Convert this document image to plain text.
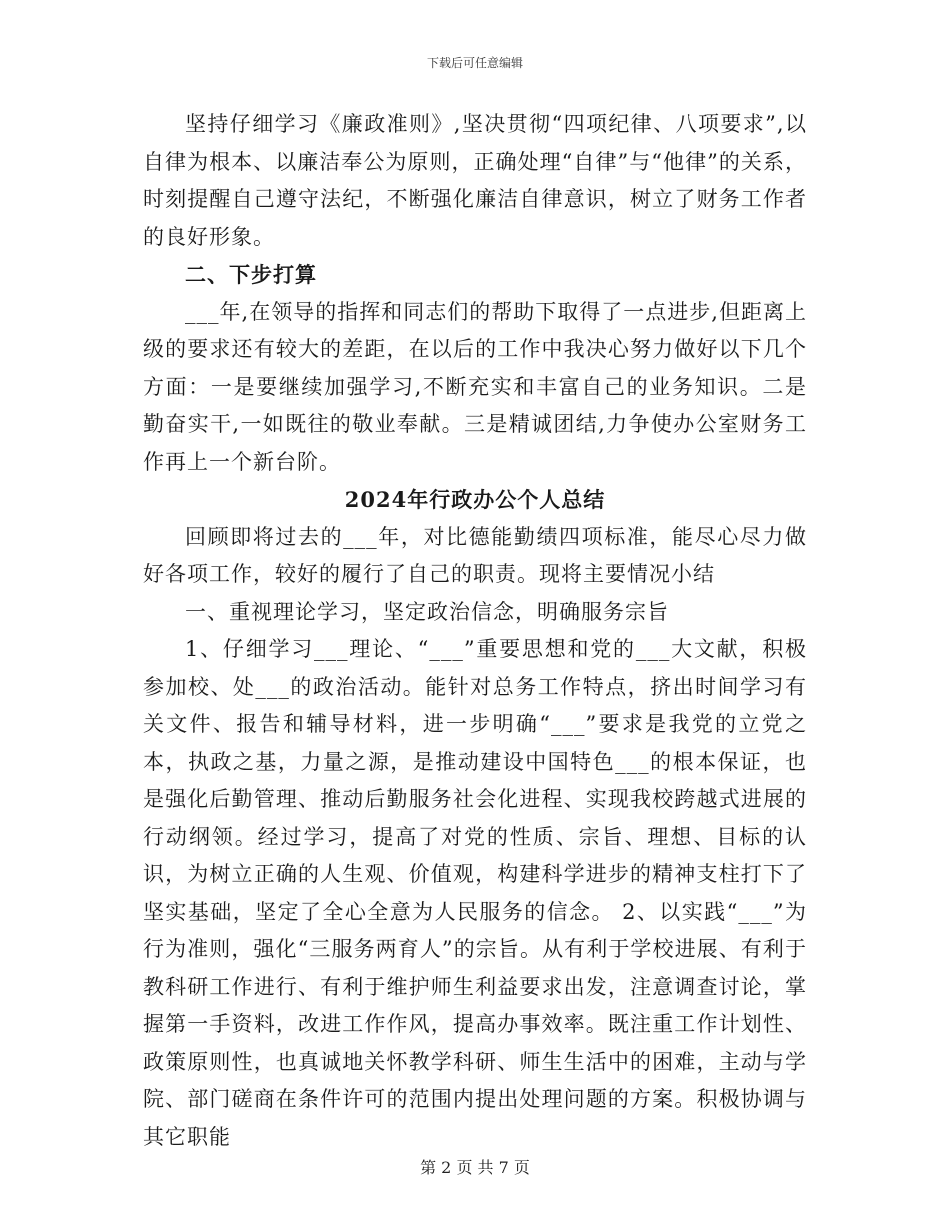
下载后可任意编辑

坚持仔细学习《廉政准则》,坚决贯彻“四项纪律、八项要求”,以自律为根本、以廉洁奉公为原则，正确处理“自律”与“他律”的关系，时刻提醒自己遵守法纪，不断强化廉洁自律意识，树立了财务工作者的良好形象。

二、下步打算

___年,在领导的指挥和同志们的帮助下取得了一点进步,但距离上级的要求还有较大的差距，在以后的工作中我决心努力做好以下几个方面：一是要继续加强学习,不断充实和丰富自己的业务知识。二是勤奋实干,一如既往的敬业奉献。三是精诚团结,力争使办公室财务工作再上一个新台阶。

2024年行政办公个人总结

回顾即将过去的___年，对比德能勤绩四项标准，能尽心尽力做好各项工作，较好的履行了自己的职责。现将主要情况小结

一、重视理论学习，坚定政治信念，明确服务宗旨

1、仔细学习___理论、“___”重要思想和党的___大文献，积极参加校、处___的政治活动。能针对总务工作特点，挤出时间学习有关文件、报告和辅导材料，进一步明确“___”要求是我党的立党之本，执政之基，力量之源，是推动建设中国特色___的根本保证，也是强化后勤管理、推动后勤服务社会化进程、实现我校跨越式进展的行动纲领。经过学习，提高了对党的性质、宗旨、理想、目标的认识，为树立正确的人生观、价值观，构建科学进步的精神支柱打下了坚实基础，坚定了全心全意为人民服务的信念。 2、以实践“___”为行为准则，强化“三服务两育人”的宗旨。从有利于学校进展、有利于教科研工作进行、有利于维护师生利益要求出发，注意调查讨论，掌握第一手资料，改进工作作风，提高办事效率。既注重工作计划性、政策原则性，也真诚地关怀教学科研、师生生活中的困难，主动与学院、部门磋商在条件许可的范围内提出处理问题的方案。积极协调与其它职能

第 2 页 共 7 页
